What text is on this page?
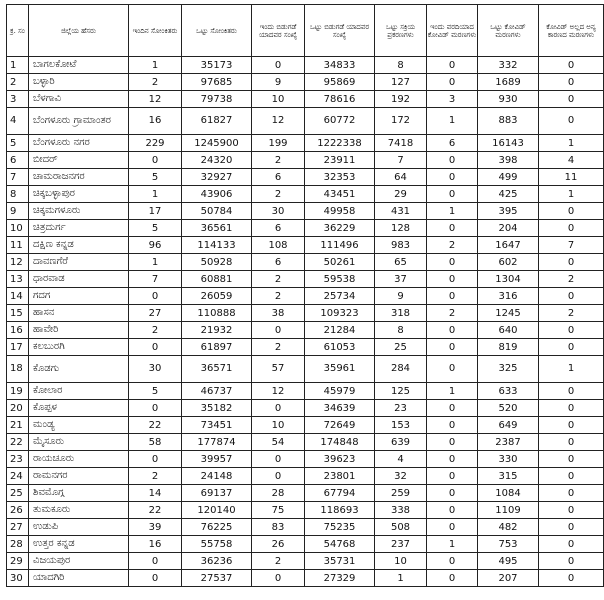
ಕ್ರ. ಸಂ	ಜಿಲ್ಲೆಯ ಹೆಸರು	ಇಂದಿನ ಸೋಂಕಿತರು	ಒಟ್ಟು ಸೋಂಕಿತರು	ಇಂದು ಬಿಡುಗಡೆ ಯಾದವರ ಸಂಖ್ಯೆ	ಒಟ್ಟು ಬಿಡುಗಡೆ ಯಾದವರ ಸಂಖ್ಯೆ	ಒಟ್ಟು ಸಕ್ರಿಯ ಪ್ರಕರಣಗಳು	ಇಂದು ವರದಿಯಾದ ಕೋವಿಡ್ ಮರಣಗಳು	ಒಟ್ಟು ಕೋವಿಡ್ ಮರಣಗಳು	ಕೋವಿಡ್ ಅಲ್ಲದ ಅನ್ಯ ಕಾರಣದ ಮರಣಗಳು
1	ಬಾಗಲಕೋಟೆ	1	35173	0	34833	8	0	332	0
2	ಬಳ್ಳಾರಿ	2	97685	9	95869	127	0	1689	0
3	ಬೆಳಗಾವಿ	12	79738	10	78616	192	3	930	0
4	ಬೆಂಗಳೂರು ಗ್ರಾಮಾಂತರ	16	61827	12	60772	172	1	883	0
5	ಬೆಂಗಳೂರು ನಗರ	229	1245900	199	1222338	7418	6	16143	1
6	ಬೀದರ್	0	24320	2	23911	7	0	398	4
7	ಚಾಮರಾಜನಗರ	5	32927	6	32353	64	0	499	11
8	ಚಿಕ್ಕಬಳ್ಳಾಪುರ	1	43906	2	43451	29	0	425	1
9	ಚಿಕ್ಕಮಗಳೂರು	17	50784	30	49958	431	1	395	0
10	ಚಿತ್ರದುರ್ಗ	5	36561	6	36229	128	0	204	0
11	ದಕ್ಷಿಣ ಕನ್ನಡ	96	114133	108	111496	983	2	1647	7
12	ದಾವಣಗೆರೆ	1	50928	6	50261	65	0	602	0
13	ಧಾರವಾಡ	7	60881	2	59538	37	0	1304	2
14	ಗದಗ	0	26059	2	25734	9	0	316	0
15	ಹಾಸನ	27	110888	38	109323	318	2	1245	2
16	ಹಾವೇರಿ	2	21932	0	21284	8	0	640	0
17	ಕಲಬುರಗಿ	0	61897	2	61053	25	0	819	0
18	ಕೊಡಗು	30	36571	57	35961	284	0	325	1
19	ಕೋಲಾರ	5	46737	12	45979	125	1	633	0
20	ಕೊಪ್ಪಳ	0	35182	0	34639	23	0	520	0
21	ಮಂಡ್ಯ	22	73451	10	72649	153	0	649	0
22	ಮೈಸೂರು	58	177874	54	174848	639	0	2387	0
23	ರಾಯಚೂರು	0	39957	0	39623	4	0	330	0
24	ರಾಮನಗರ	2	24148	0	23801	32	0	315	0
25	ಶಿವಮೊಗ್ಗ	14	69137	28	67794	259	0	1084	0
26	ತುಮಕೂರು	22	120140	75	118693	338	0	1109	0
27	ಉಡುಪಿ	39	76225	83	75235	508	0	482	0
28	ಉತ್ತರ ಕನ್ನಡ	16	55758	26	54768	237	1	753	0
29	ವಿಜಯಪುರ	0	36236	2	35731	10	0	495	0
30	ಯಾದಗಿರಿ	0	27537	0	27329	1	0	207	0
